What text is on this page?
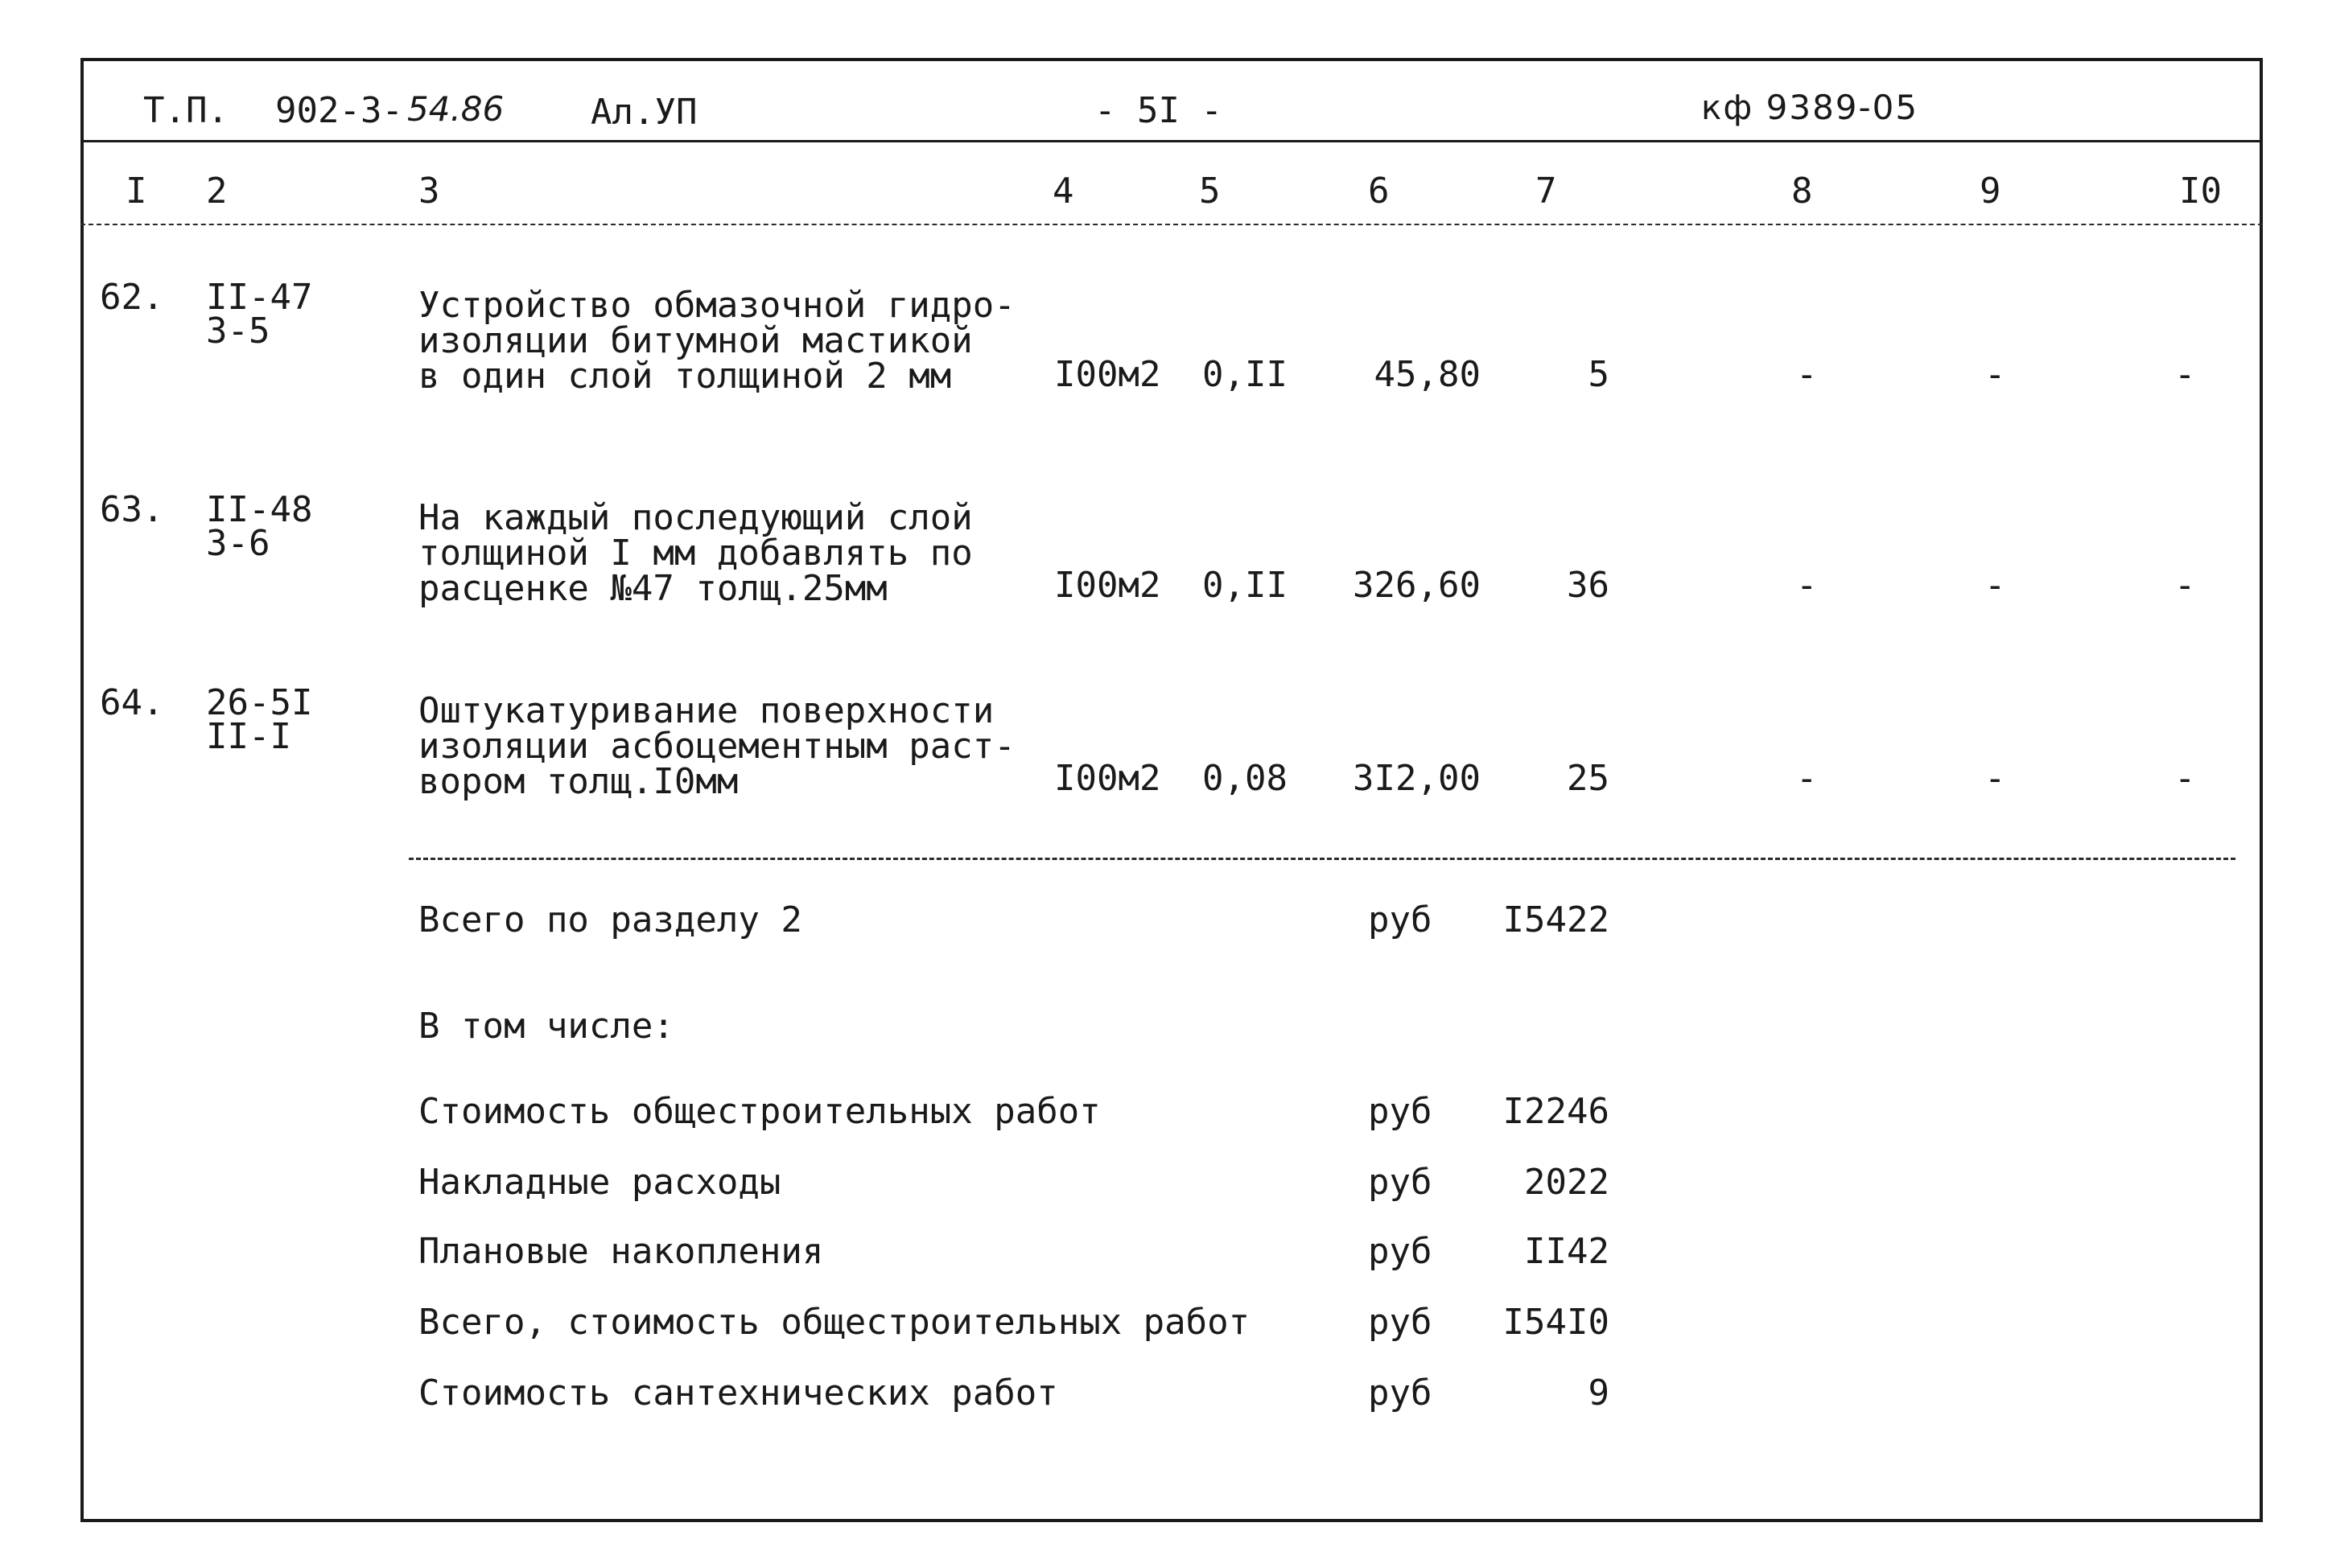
Т.П. 902-3- 54.86 Ал.УП	- 5I -	кф 9389-05
I 2	3	4	5	6	7	8	9	I0
62. II-47
3-5
Устройство обмазочной гидро-
изоляции битумной мастикой
в один слой толщиной 2 мм	I00м2 0,II	45,80	5	-	-	-
63. II-48
3-6
На каждый последующий слой
толщиной I мм добавлять по
расценке №47 толщ.25мм	I00м2 0,II	326,60	36	-	-	-
64. 26-5I
II-I
Оштукатуривание поверхности
изоляции асбоцементным раст-
вором толщ.I0мм	I00м2 0,08	3I2,00	25	-	-	-
Всего по разделу 2	руб	I5422
В том числе:
Стоимость общестроительных работ	руб	I2246
Накладные расходы	руб	2022
Плановые накопления	руб	II42
Всего, стоимость общестроительных работ	руб	I54I0
Стоимость сантехнических работ	руб	9
